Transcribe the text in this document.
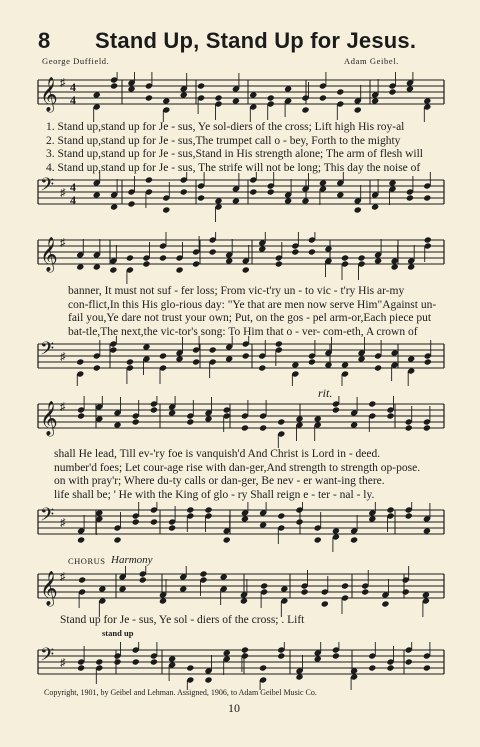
8 Stand Up, Stand Up for Jesus.
George Duffield.	Adam Geibel.
𝄞 ♯ 4
4
1. Stand up,stand up for Je - sus, Ye sol-diers of the cross; Lift high His roy-al
2. Stand up,stand up for Je - sus,The trumpet call o - bey, Forth to the mighty
3. Stand up,stand up for Je - sus,Stand in His strength alone; The arm of flesh will
4. Stand up,stand up for Je - sus, The strife will not be long; This day the noise of
𝄢 ♯ 4
4
𝄞 ♯
banner, It must not suf - fer loss; From vic-t'ry un - to vic - t'ry His ar-my
con-flict,In this His glo-rious day: "Ye that are men now serve Him"Against un-
fail you,Ye dare not trust your own; Put, on the gos - pel arm-or,Each piece put
bat-tle,The next,the vic-tor's song: To Him that o - ver- com-eth, A crown of
𝄢 ♯
rit.
𝄞 ♯
shall He lead, Till ev-'ry foe is vanquish'd And Christ is Lord in - deed.
number'd foes; Let cour-age rise with dan-ger,And strength to strength op-pose.
on with pray'r; Where du-ty calls or dan-ger, Be nev - er want-ing there.
life shall be; ' He with the King of glo - ry Shall reign e - ter - nal - ly.
𝄢 ♯
CHORUS Harmony
𝄞 ♯
Stand up for Je - sus, Ye sol - diers of the cross; . Lift
stand up
𝄢 ♯
Copyright, 1901, by Geibel and Lehman. Assigned, 1906, to Adam Geibel Music Co.
10
